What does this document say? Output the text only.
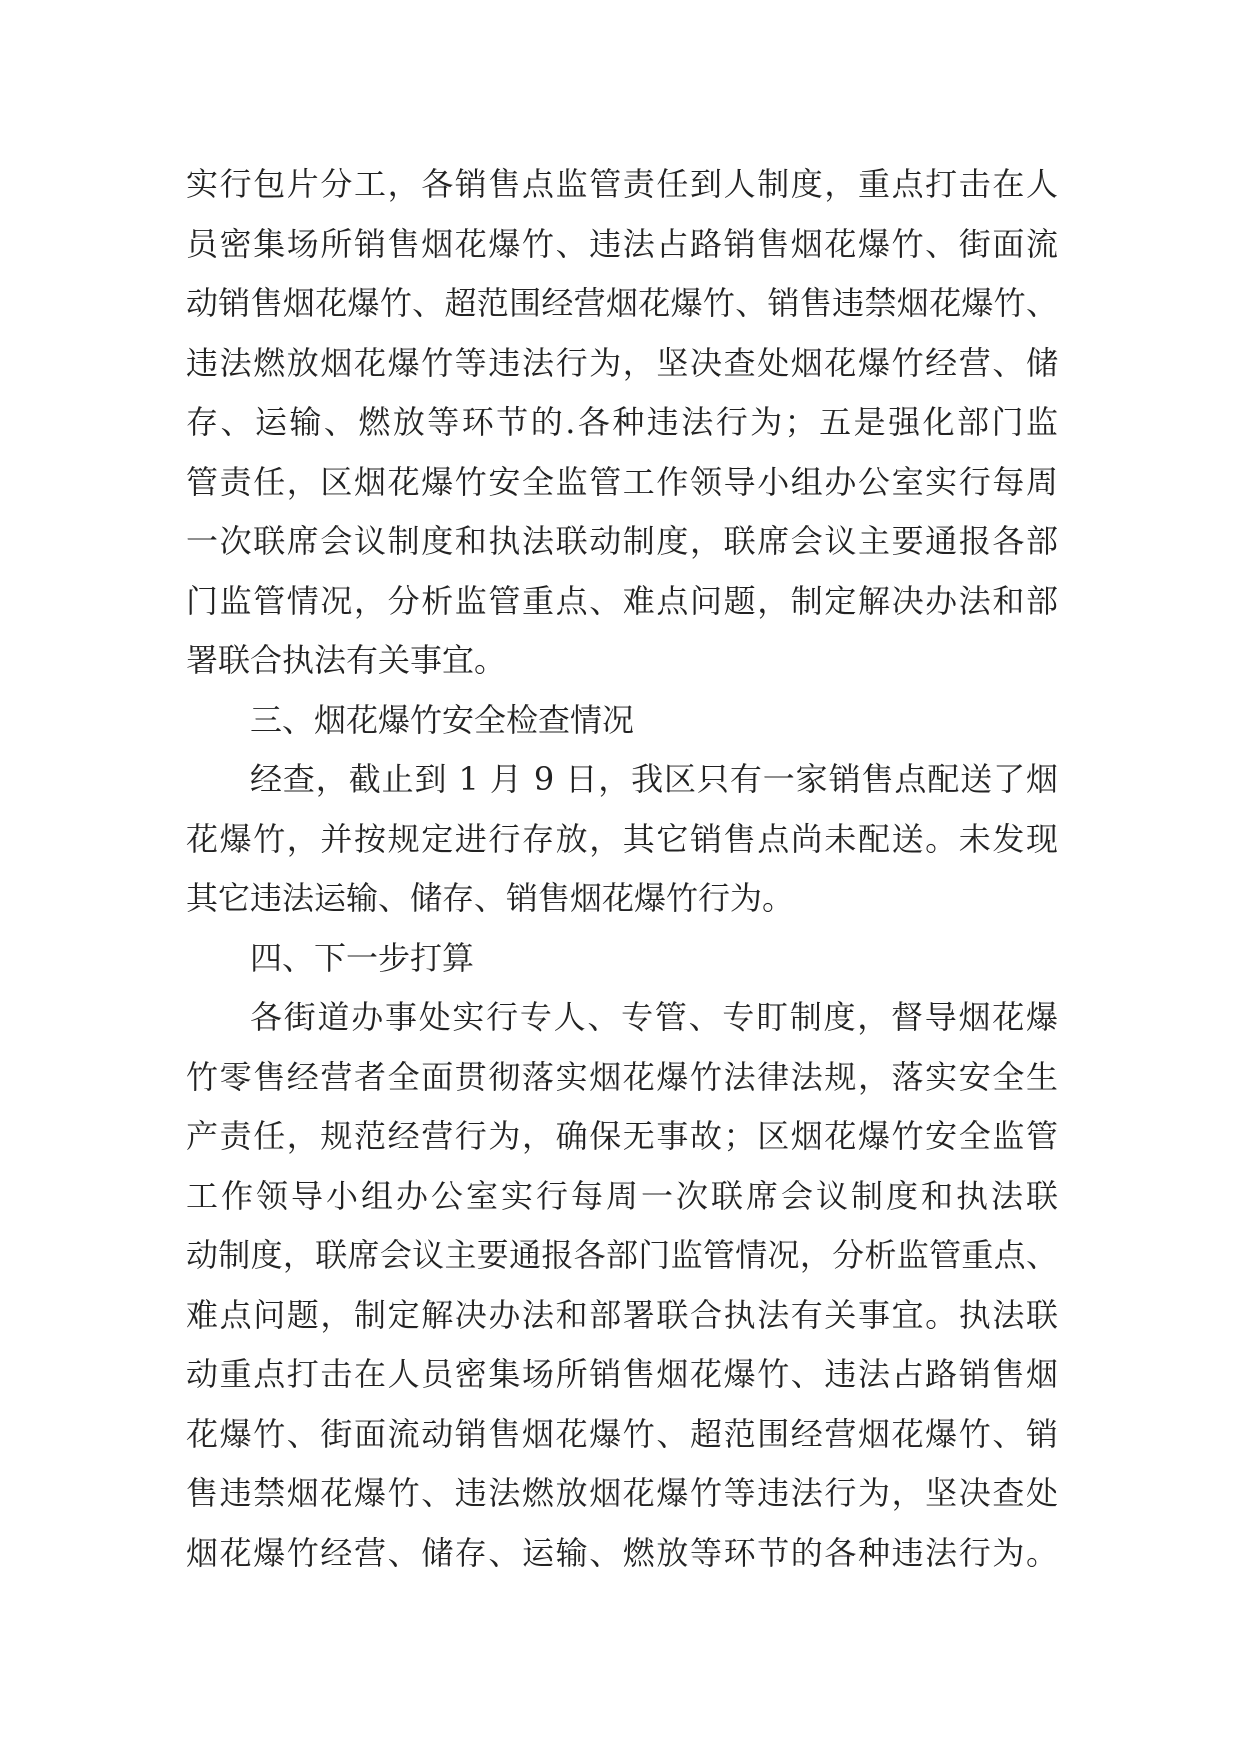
实行包片分工，各销售点监管责任到人制度，重点打击在人
员密集场所销售烟花爆竹、违法占路销售烟花爆竹、街面流
动销售烟花爆竹、超范围经营烟花爆竹、销售违禁烟花爆竹、
违法燃放烟花爆竹等违法行为，坚决查处烟花爆竹经营、储
存、运输、燃放等环节的.各种违法行为；五是强化部门监
管责任，区烟花爆竹安全监管工作领导小组办公室实行每周
一次联席会议制度和执法联动制度，联席会议主要通报各部
门监管情况，分析监管重点、难点问题，制定解决办法和部
署联合执法有关事宜。
三、烟花爆竹安全检查情况
经查，截止到 1 月 9 日，我区只有一家销售点配送了烟
花爆竹，并按规定进行存放，其它销售点尚未配送。未发现
其它违法运输、储存、销售烟花爆竹行为。
四、下一步打算
各街道办事处实行专人、专管、专盯制度，督导烟花爆
竹零售经营者全面贯彻落实烟花爆竹法律法规，落实安全生
产责任，规范经营行为，确保无事故；区烟花爆竹安全监管
工作领导小组办公室实行每周一次联席会议制度和执法联
动制度，联席会议主要通报各部门监管情况，分析监管重点、
难点问题，制定解决办法和部署联合执法有关事宜。执法联
动重点打击在人员密集场所销售烟花爆竹、违法占路销售烟
花爆竹、街面流动销售烟花爆竹、超范围经营烟花爆竹、销
售违禁烟花爆竹、违法燃放烟花爆竹等违法行为，坚决查处
烟花爆竹经营、储存、运输、燃放等环节的各种违法行为。
